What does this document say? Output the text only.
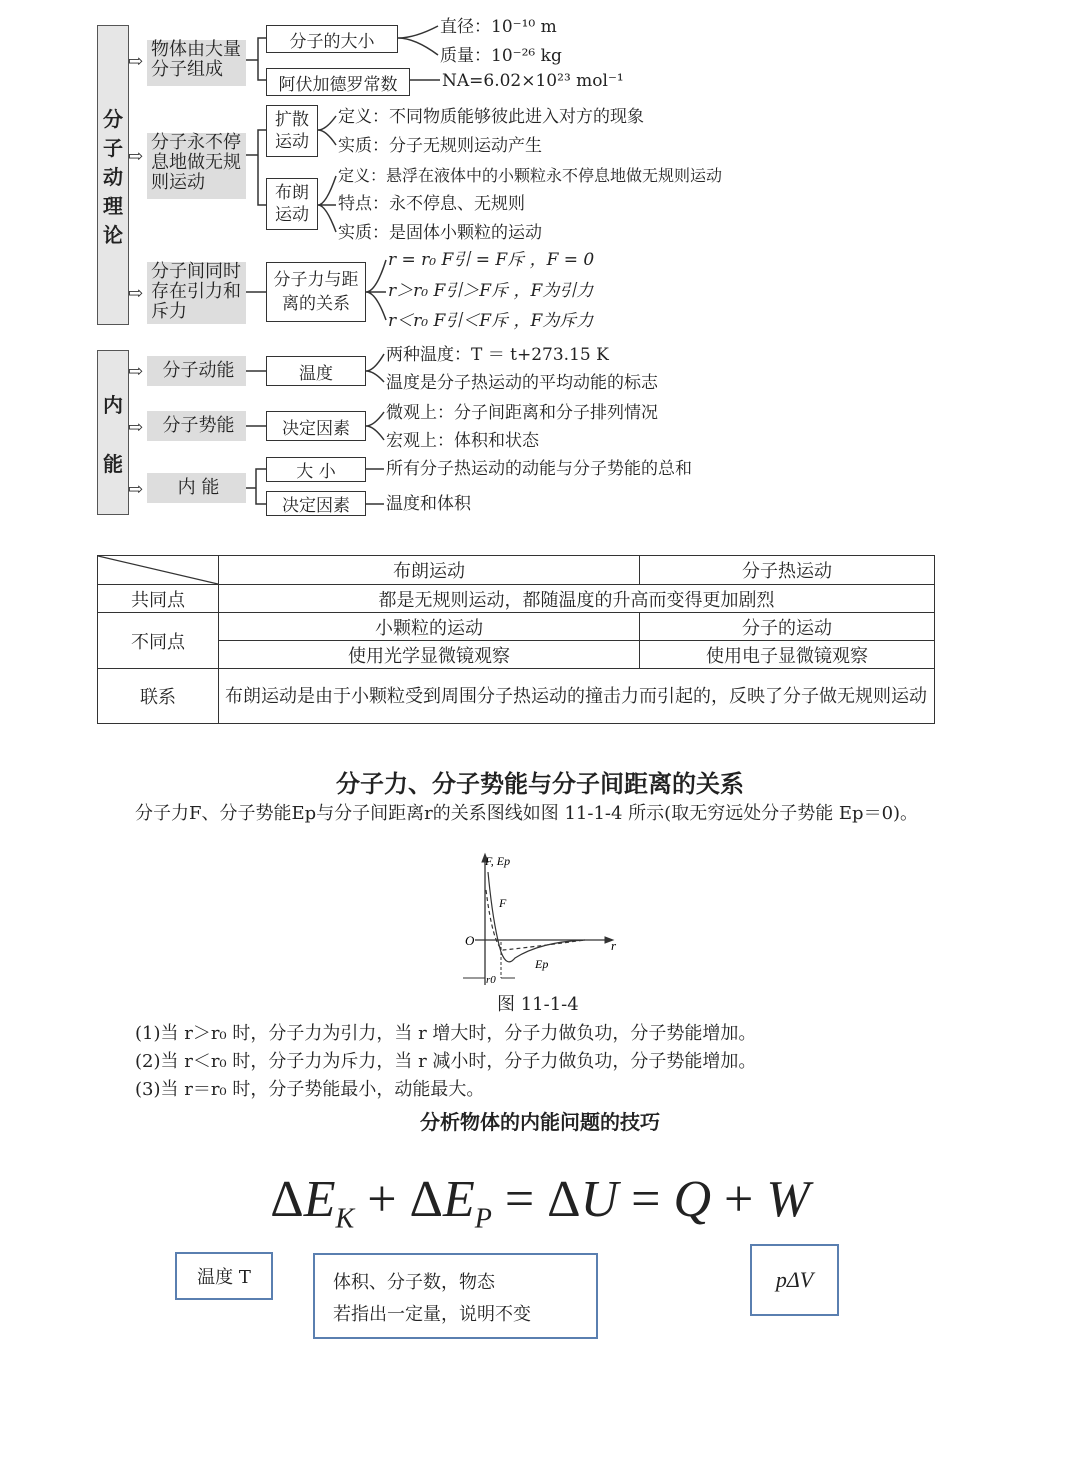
分
子
动
理
论
⇨
物体由大量分子组成
分子的大小
直径：10⁻¹⁰ m
质量：10⁻²⁶ kg
阿伏加德罗常数	NA=6.02×10²³ mol⁻¹
⇨
分子永不停息地做无规则运动
扩散运动
定义：不同物质能够彼此进入对方的现象
实质：分子无规则运动产生
布朗运动
定义：悬浮在液体中的小颗粒永不停息地做无规则运动
特点：永不停息、无规则
实质：是固体小颗粒的运动
⇨
分子间同时存在引力和斥力
分子力与距离的关系
r = r₀ F引 = F斥 ，F = 0
r＞r₀ F引＞F斥 ，F为引力
r＜r₀ F引＜F斥 ，F为斥力
内
能
⇨	分子动能	温度
两种温度：T ＝ t+273.15 K
温度是分子热运动的平均动能的标志
⇨	分子势能	决定因素
微观上：分子间距离和分子排列情况
宏观上：体积和状态
⇨	内 能
大 小	所有分子热运动的动能与分子势能的总和
决定因素	温度和体积
	布朗运动	分子热运动
共同点	都是无规则运动，都随温度的升高而变得更加剧烈	
不同点	小颗粒的运动	分子的运动
	使用光学显微镜观察	使用电子显微镜观察
联系	布朗运动是由于小颗粒受到周围分子热运动的撞击力而引起的，反映了分子做无规则运动	
分子力、分子势能与分子间距离的关系
分子力F、分子势能Ep与分子间距离r的关系图线如图 11-1-4 所示(取无穷远处分子势能 Ep＝0)。
F, Ep
r
O
F
Ep
r0
图 11-1-4
(1)当 r＞r₀ 时，分子力为引力，当 r 增大时，分子力做负功，分子势能增加。
(2)当 r＜r₀ 时，分子力为斥力，当 r 减小时，分子力做负功，分子势能增加。
(3)当 r＝r₀ 时，分子势能最小，动能最大。
分析物体的内能问题的技巧
$\Delta E_K + \Delta E_P = \Delta U = Q + W$
温度 T	体积、分子数，物态
若指出一定量，说明不变
pΔV
